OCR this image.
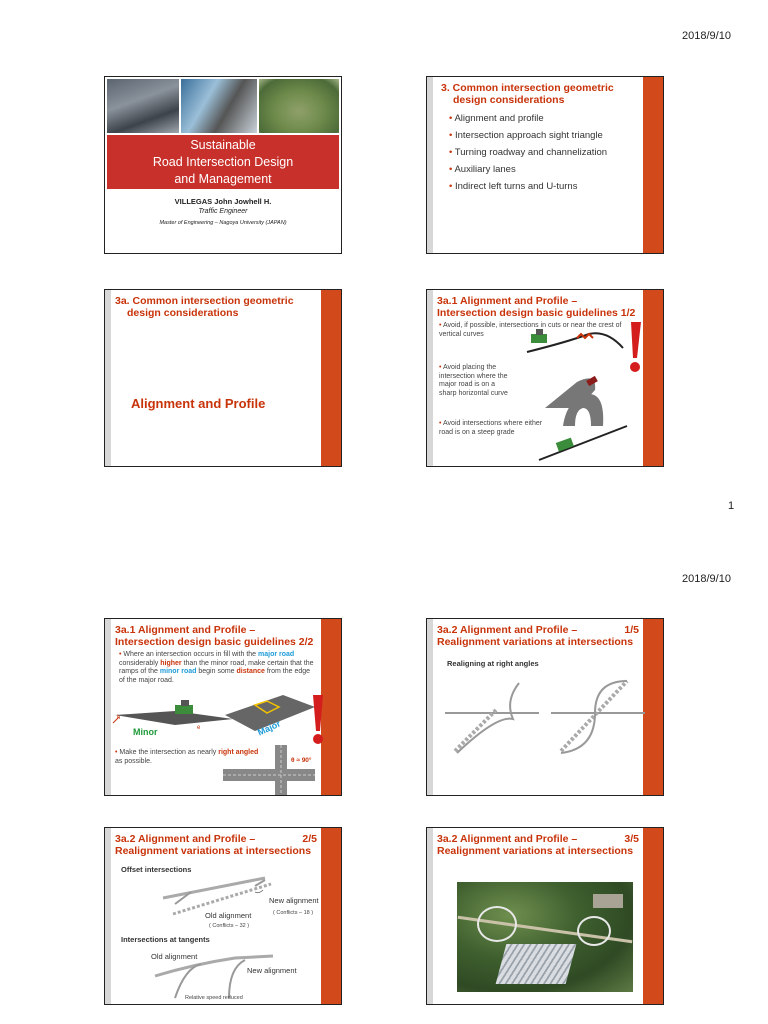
2018/9/10
Sustainable
Road Intersection Design
and Management
VILLEGAS John Jowhell H.
Traffic Engineer
Master of Engineering – Nagoya University (JAPAN)
3. Common intersection geometric
design considerations
• Alignment and profile
• Intersection approach sight triangle
• Turning roadway and channelization
• Auxiliary lanes
• Indirect left turns and U-turns
3a. Common intersection geometric
design considerations
Alignment and Profile
3a.1 Alignment and Profile –
Intersection design basic guidelines 1/2
• Avoid, if possible, intersections in cuts or near the crest of vertical curves
• Avoid placing the intersection where the major road is on a sharp horizontal curve
• Avoid intersections where either road is on a steep grade
1
2018/9/10
3a.1 Alignment and Profile –
Intersection design basic guidelines 2/2
• Where an intersection occurs in fill with the major road considerably higher than the minor road, make certain that the ramps of the minor road begin some distance from the edge of the major road.
• Make the intersection as nearly right angled as possible.
h
e
Minor	Major
θ ≈ 90°
3a.2 Alignment and Profile –	1/5
Realignment variations at intersections
Realigning at right angles
3a.2 Alignment and Profile –	2/5
Realignment variations at intersections
Offset intersections
New alignment
( Conflicts – 18 )
Old alignment
( Conflicts – 32 )
Intersections at tangents
Old alignment
New alignment
Relative speed reduced
3a.2 Alignment and Profile –	3/5
Realignment variations at intersections
